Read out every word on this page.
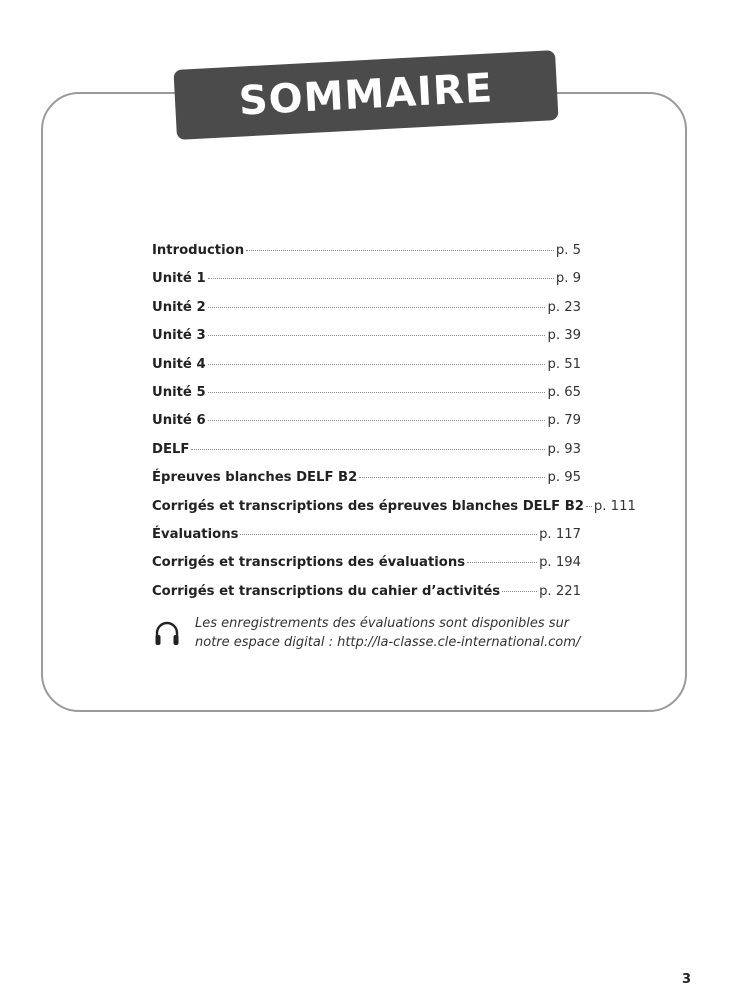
SOMMAIRE
Introduction	p. 5
Unité 1	p. 9
Unité 2	p. 23
Unité 3	p. 39
Unité 4	p. 51
Unité 5	p. 65
Unité 6	p. 79
DELF	p. 93
Épreuves blanches DELF B2	p. 95
Corrigés et transcriptions des épreuves blanches DELF B2 p. 111
Évaluations	p. 117
Corrigés et transcriptions des évaluations	p. 194
Corrigés et transcriptions du cahier d’activités	p. 221
Les enregistrements des évaluations sont disponibles sur
notre espace digital : http://la-classe.cle-international.com/
3
